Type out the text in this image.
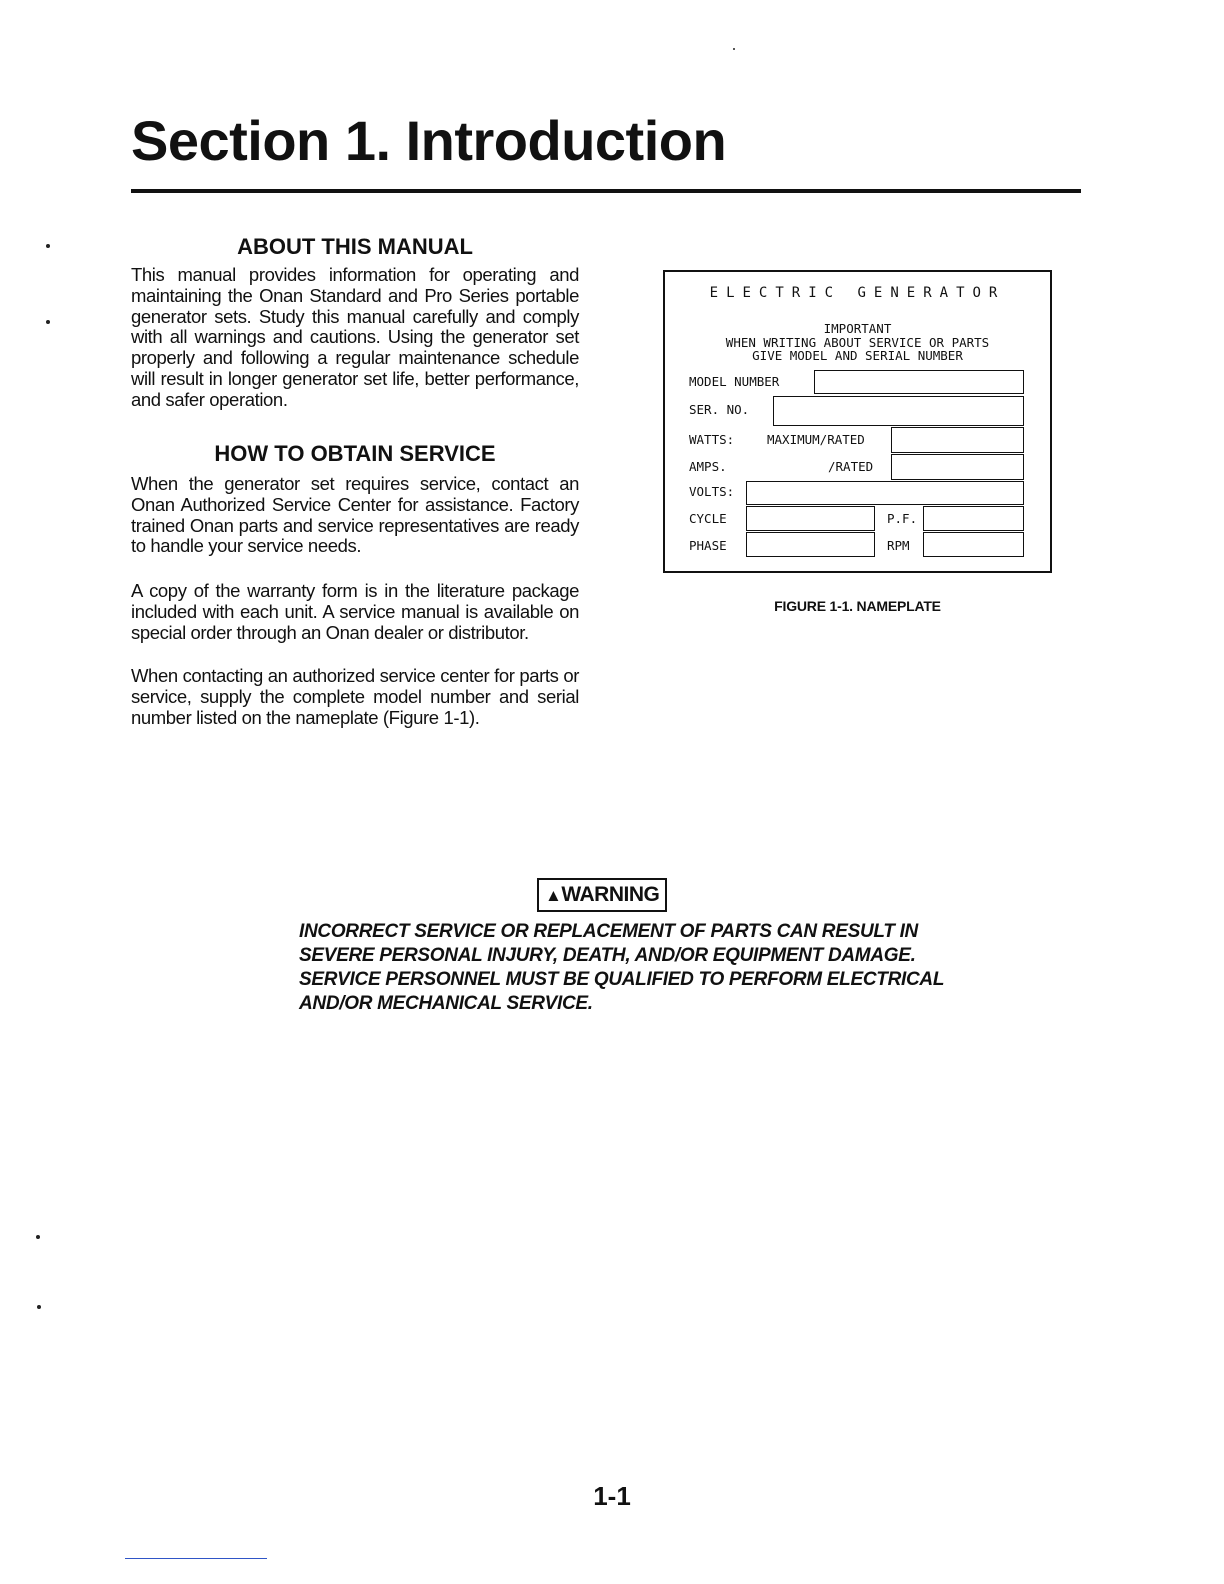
Section 1. Introduction
ABOUT THIS MANUAL

This manual provides information for operating and maintaining the Onan Standard and Pro Series portable generator sets. Study this manual carefully and comply with all warnings and cautions. Using the generator set properly and following a regular maintenance schedule will result in longer generator set life, better performance, and safer operation.

HOW TO OBTAIN SERVICE

When the generator set requires service, contact an Onan Authorized Service Center for assistance. Factory trained Onan parts and service representatives are ready to handle your service needs.

A copy of the warranty form is in the literature package included with each unit. A service manual is available on special order through an Onan dealer or distributor.

When contacting an authorized service center for parts or service, supply the complete model number and serial number listed on the nameplate (Figure 1-1).

ELECTRIC GENERATOR
IMPORTANT
WHEN WRITING ABOUT SERVICE OR PARTS
GIVE MODEL AND SERIAL NUMBER
MODEL NUMBER
SER. NO.
WATTS:	MAXIMUM/RATED
AMPS.	/RATED
VOLTS:
CYCLE	P.F.
PHASE	RPM
FIGURE 1-1. NAMEPLATE
▲WARNING

INCORRECT SERVICE OR REPLACEMENT OF PARTS CAN RESULT IN
SEVERE PERSONAL INJURY, DEATH, AND/OR EQUIPMENT DAMAGE.
SERVICE PERSONNEL MUST BE QUALIFIED TO PERFORM ELECTRICAL
AND/OR MECHANICAL SERVICE.

1-1
